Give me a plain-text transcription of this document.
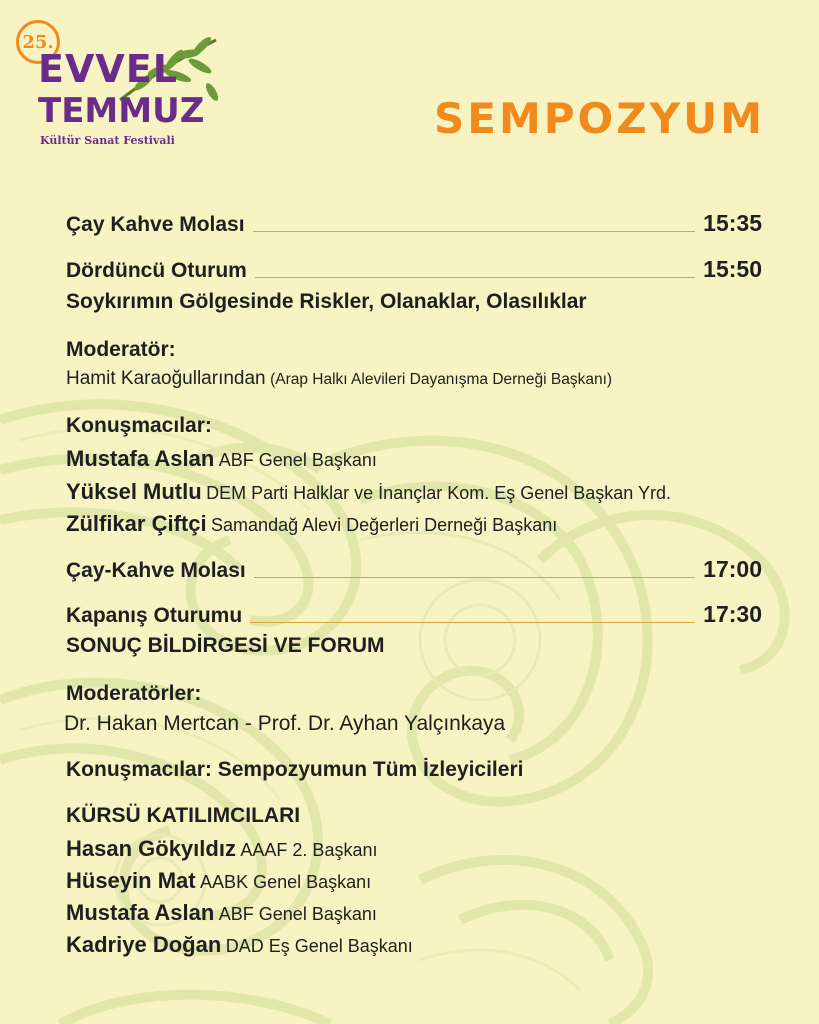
25.
EVVEL
TEMMUZ
Kültür Sanat Festivali	SEMPOZYUM
Çay Kahve Molası	15:35
Dördüncü Oturum	15:50
Soykırımın Gölgesinde Riskler, Olanaklar, Olasılıklar
Moderatör:
Hamit Karaoğullarından (Arap Halkı Alevileri Dayanışma Derneği Başkanı)
Konuşmacılar:
Mustafa Aslan ABF Genel Başkanı
Yüksel Mutlu DEM Parti Halklar ve İnançlar Kom. Eş Genel Başkan Yrd.
Zülfikar Çiftçi Samandağ Alevi Değerleri Derneği Başkanı
Çay-Kahve Molası	17:00
Kapanış Oturumu	17:30
SONUÇ BİLDİRGESİ VE FORUM
Moderatörler:
Dr. Hakan Mertcan - Prof. Dr. Ayhan Yalçınkaya
Konuşmacılar: Sempozyumun Tüm İzleyicileri
KÜRSÜ KATILIMCILARI
Hasan Gökyıldız AAAF 2. Başkanı
Hüseyin Mat AABK Genel Başkanı
Mustafa Aslan ABF Genel Başkanı
Kadriye Doğan DAD Eş Genel Başkanı
